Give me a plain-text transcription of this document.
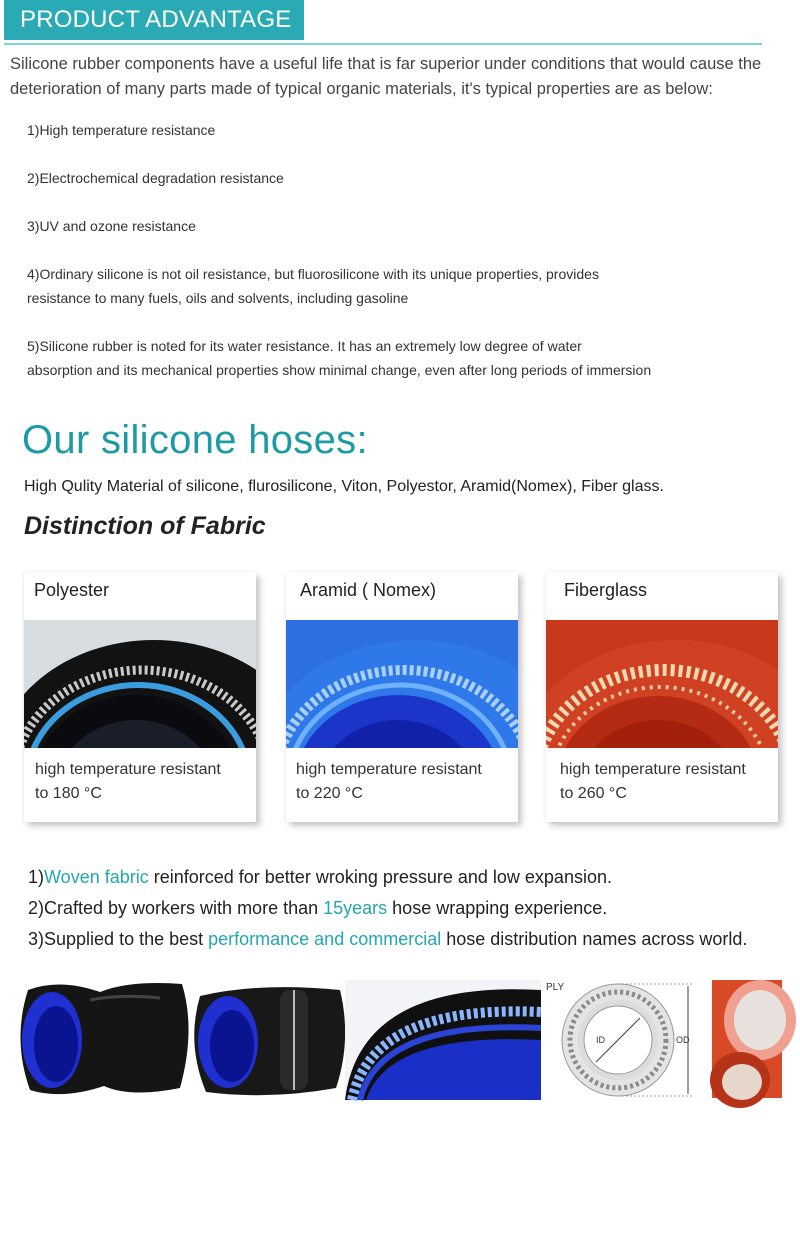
PRODUCT ADVANTAGE
Silicone rubber components have a useful life that is far superior under conditions that would cause the deterioration of many parts made of typical organic materials, it's typical properties are as below:
1)High temperature resistance
2)Electrochemical degradation resistance
3)UV and ozone resistance
4)Ordinary silicone is not oil resistance, but fluorosilicone with its unique properties, provides
resistance to many fuels, oils and solvents, including gasoline
5)Silicone rubber is noted for its water resistance. It has an extremely low degree of water
absorption and its mechanical properties show minimal change, even after long periods of immersion
Our silicone hoses:
High Qulity Material of silicone, flurosilicone, Viton, Polyestor, Aramid(Nomex), Fiber glass.
Distinction of Fabric
Polyester
high temperature resistant
to 180 °C
Aramid ( Nomex)
high temperature resistant
to 220 °C
Fiberglass
high temperature resistant
to 260 °C
1)Woven fabric reinforced for better wroking pressure and low expansion.
2)Crafted by workers with more than 15years hose wrapping experience.
3)Supplied to the best performance and commercial hose distribution names across world.
PLY
ID	OD
